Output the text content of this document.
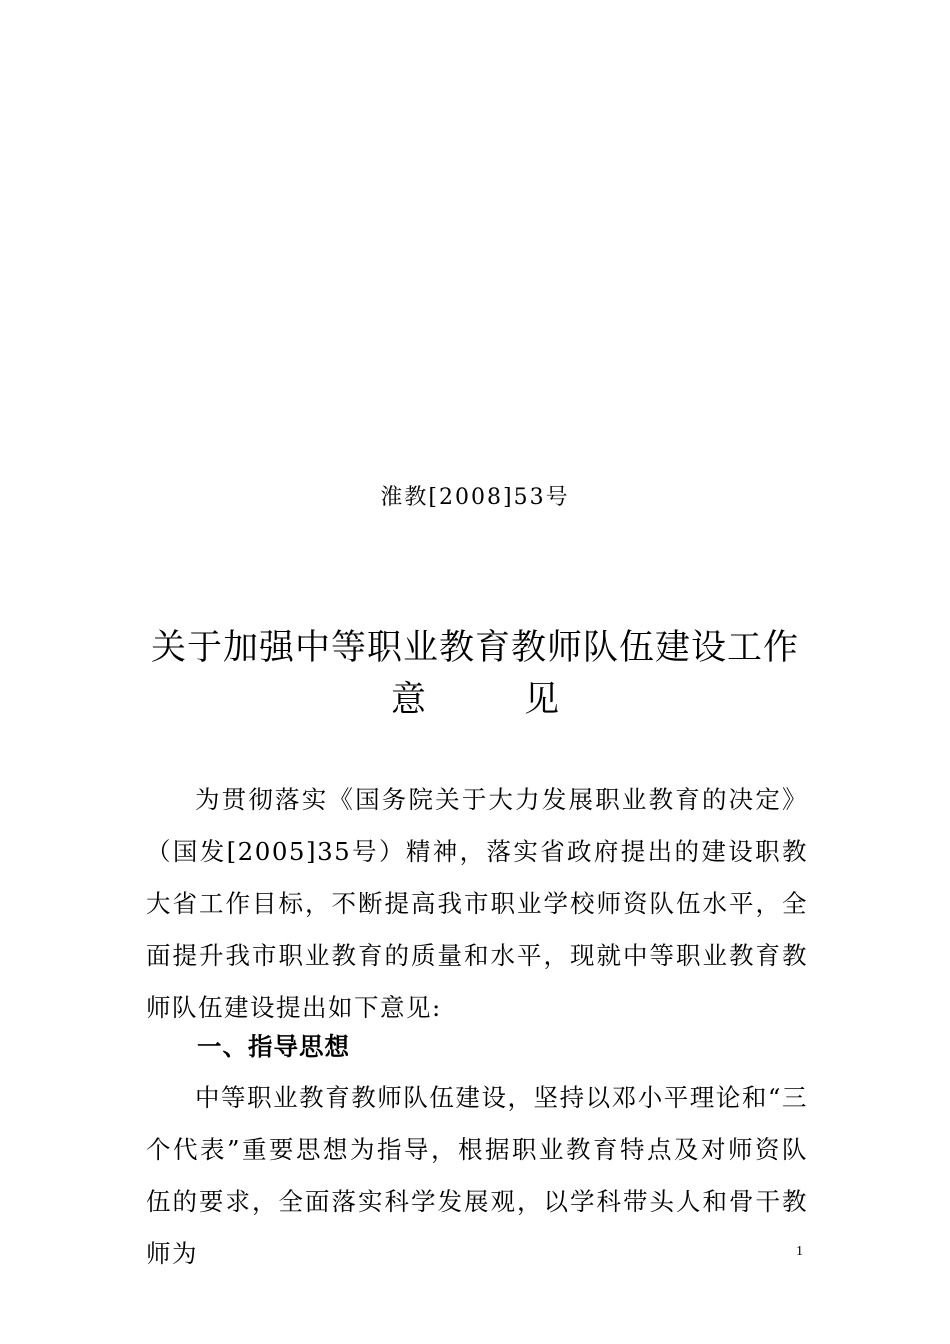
淮教[2008]53号
关于加强中等职业教育教师队伍建设工作
意	见

为贯彻落实《国务院关于大力发展职业教育的决定》（国发[2005]35号）精神，落实省政府提出的建设职教大省工作目标，不断提高我市职业学校师资队伍水平，全面提升我市职业教育的质量和水平，现就中等职业教育教师队伍建设提出如下意见:

一、指导思想

中等职业教育教师队伍建设，坚持以邓小平理论和“三个代表”重要思想为指导，根据职业教育特点及对师资队伍的要求，全面落实科学发展观，以学科带头人和骨干教师为	1
